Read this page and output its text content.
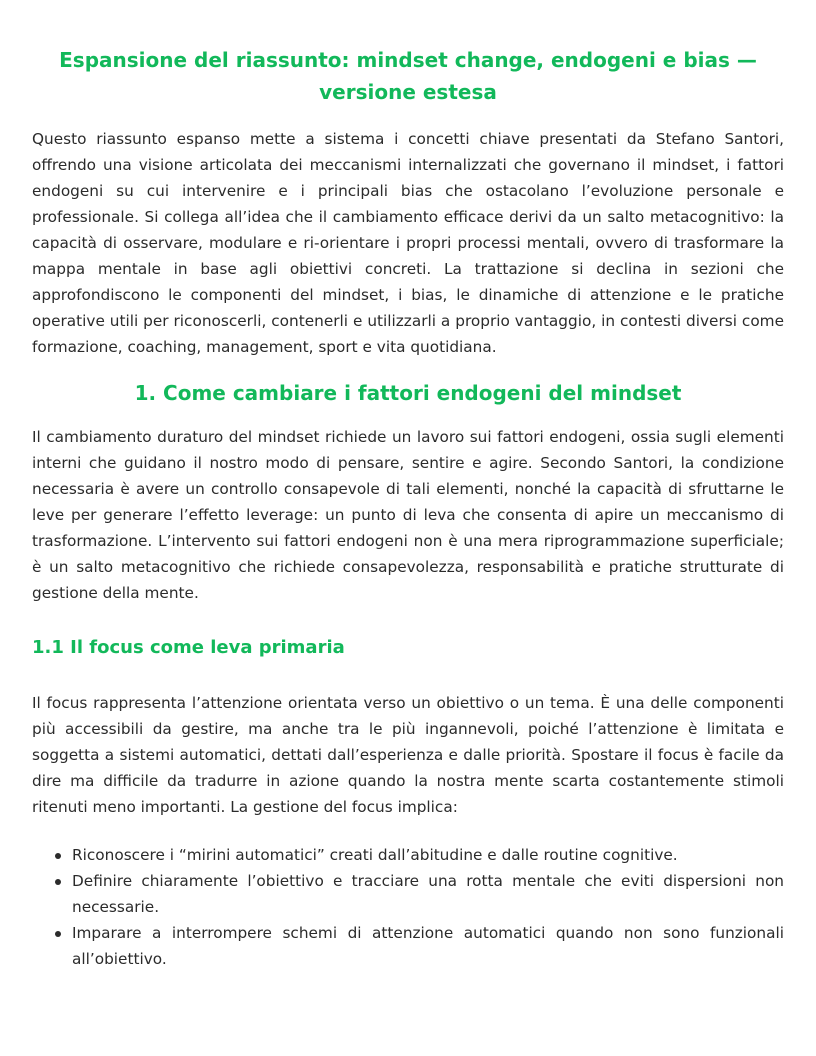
Espansione del riassunto: mindset change, endogeni e bias —
versione estesa

Questo riassunto espanso mette a sistema i concetti chiave presentati da Stefano Santori, offrendo una visione articolata dei meccanismi internalizzati che governano il mindset, i fattori endogeni su cui intervenire e i principali bias che ostacolano l’evoluzione personale e professionale. Si collega all’idea che il cambiamento efficace derivi da un salto metacognitivo: la capacità di osservare, modulare e ri-orientare i propri processi mentali, ovvero di trasformare la mappa mentale in base agli obiettivi concreti. La trattazione si declina in sezioni che approfondiscono le componenti del mindset, i bias, le dinamiche di attenzione e le pratiche operative utili per riconoscerli, contenerli e utilizzarli a proprio vantaggio, in contesti diversi come formazione, coaching, management, sport e vita quotidiana.

1. Come cambiare i fattori endogeni del mindset

Il cambiamento duraturo del mindset richiede un lavoro sui fattori endogeni, ossia sugli elementi interni che guidano il nostro modo di pensare, sentire e agire. Secondo Santori, la condizione necessaria è avere un controllo consapevole di tali elementi, nonché la capacità di sfruttarne le leve per generare l’effetto leverage: un punto di leva che consenta di apire un meccanismo di trasformazione. L’intervento sui fattori endogeni non è una mera riprogrammazione superficiale; è un salto metacognitivo che richiede consapevolezza, responsabilità e pratiche strutturate di gestione della mente.

1.1 Il focus come leva primaria

Il focus rappresenta l’attenzione orientata verso un obiettivo o un tema. È una delle componenti più accessibili da gestire, ma anche tra le più ingannevoli, poiché l’attenzione è limitata e soggetta a sistemi automatici, dettati dall’esperienza e dalle priorità. Spostare il focus è facile da dire ma difficile da tradurre in azione quando la nostra mente scarta costantemente stimoli ritenuti meno importanti. La gestione del focus implica:

Riconoscere i “mirini automatici” creati dall’abitudine e dalle routine cognitive.
Definire chiaramente l’obiettivo e tracciare una rotta mentale che eviti dispersioni non necessarie.
Imparare a interrompere schemi di attenzione automatici quando non sono funzionali all’obiettivo.
